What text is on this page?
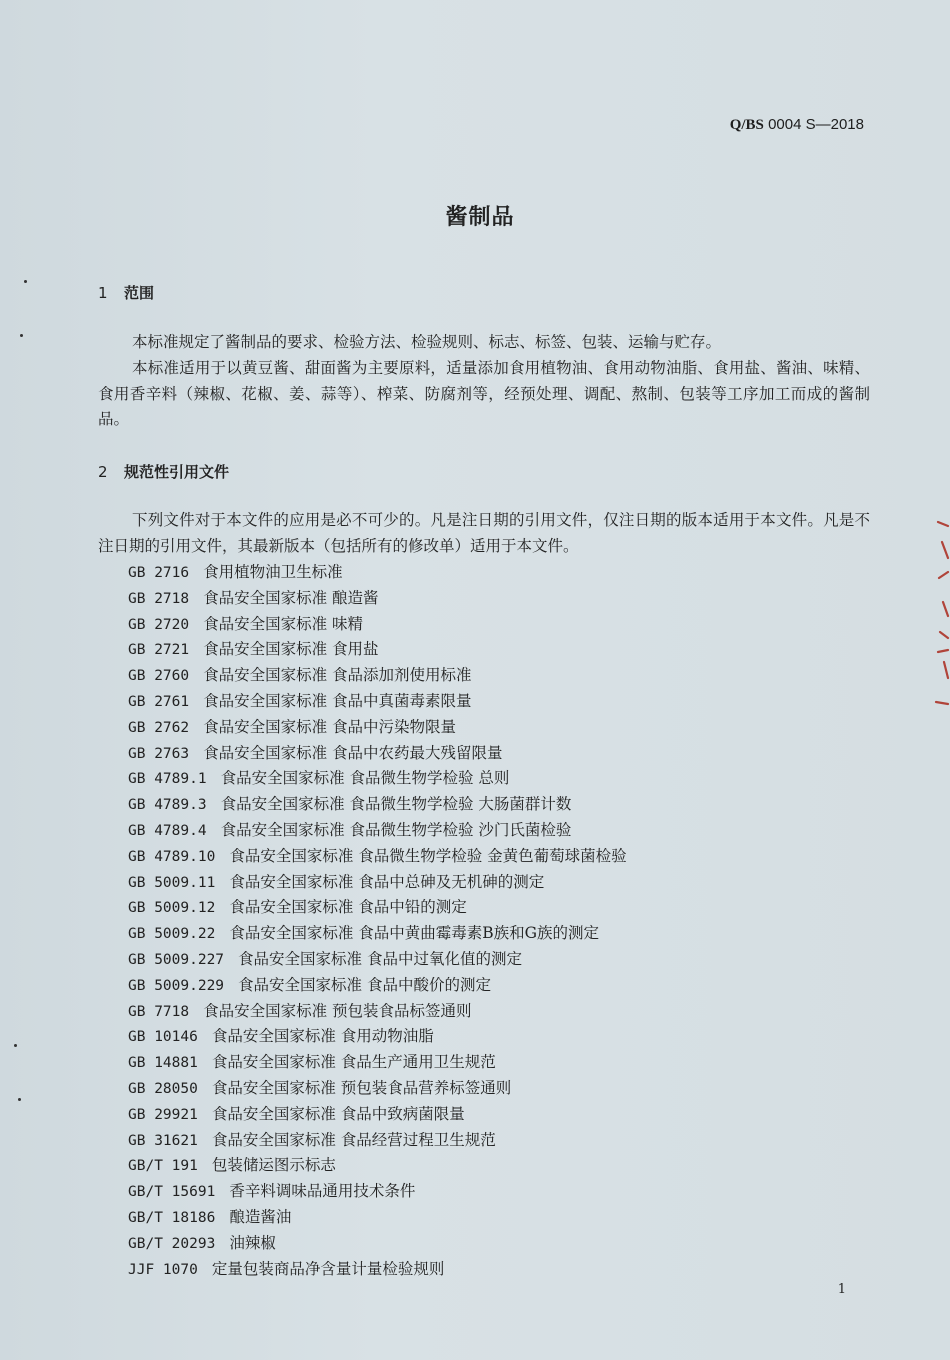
Q/BS 0004 S—2018
酱制品
1 范围
本标准规定了酱制品的要求、检验方法、检验规则、标志、标签、包装、运输与贮存。
本标准适用于以黄豆酱、甜面酱为主要原料，适量添加食用植物油、食用动物油脂、食用盐、酱油、味精、食用香辛料（辣椒、花椒、姜、蒜等）、榨菜、防腐剂等，经预处理、调配、熬制、包装等工序加工而成的酱制品。
2 规范性引用文件
下列文件对于本文件的应用是必不可少的。凡是注日期的引用文件，仅注日期的版本适用于本文件。凡是不注日期的引用文件，其最新版本（包括所有的修改单）适用于本文件。
GB 2716 食用植物油卫生标准
GB 2718 食品安全国家标准 酿造酱
GB 2720 食品安全国家标准 味精
GB 2721 食品安全国家标准 食用盐
GB 2760 食品安全国家标准 食品添加剂使用标准
GB 2761 食品安全国家标准 食品中真菌毒素限量
GB 2762 食品安全国家标准 食品中污染物限量
GB 2763 食品安全国家标准 食品中农药最大残留限量
GB 4789.1 食品安全国家标准 食品微生物学检验 总则
GB 4789.3 食品安全国家标准 食品微生物学检验 大肠菌群计数
GB 4789.4 食品安全国家标准 食品微生物学检验 沙门氏菌检验
GB 4789.10 食品安全国家标准 食品微生物学检验 金黄色葡萄球菌检验
GB 5009.11 食品安全国家标准 食品中总砷及无机砷的测定
GB 5009.12 食品安全国家标准 食品中铅的测定
GB 5009.22 食品安全国家标准 食品中黄曲霉毒素B族和G族的测定
GB 5009.227 食品安全国家标准 食品中过氧化值的测定
GB 5009.229 食品安全国家标准 食品中酸价的测定
GB 7718 食品安全国家标准 预包装食品标签通则
GB 10146 食品安全国家标准 食用动物油脂
GB 14881 食品安全国家标准 食品生产通用卫生规范
GB 28050 食品安全国家标准 预包装食品营养标签通则
GB 29921 食品安全国家标准 食品中致病菌限量
GB 31621 食品安全国家标准 食品经营过程卫生规范
GB/T 191 包装储运图示标志
GB/T 15691 香辛料调味品通用技术条件
GB/T 18186 酿造酱油
GB/T 20293 油辣椒
JJF 1070 定量包装商品净含量计量检验规则
1
